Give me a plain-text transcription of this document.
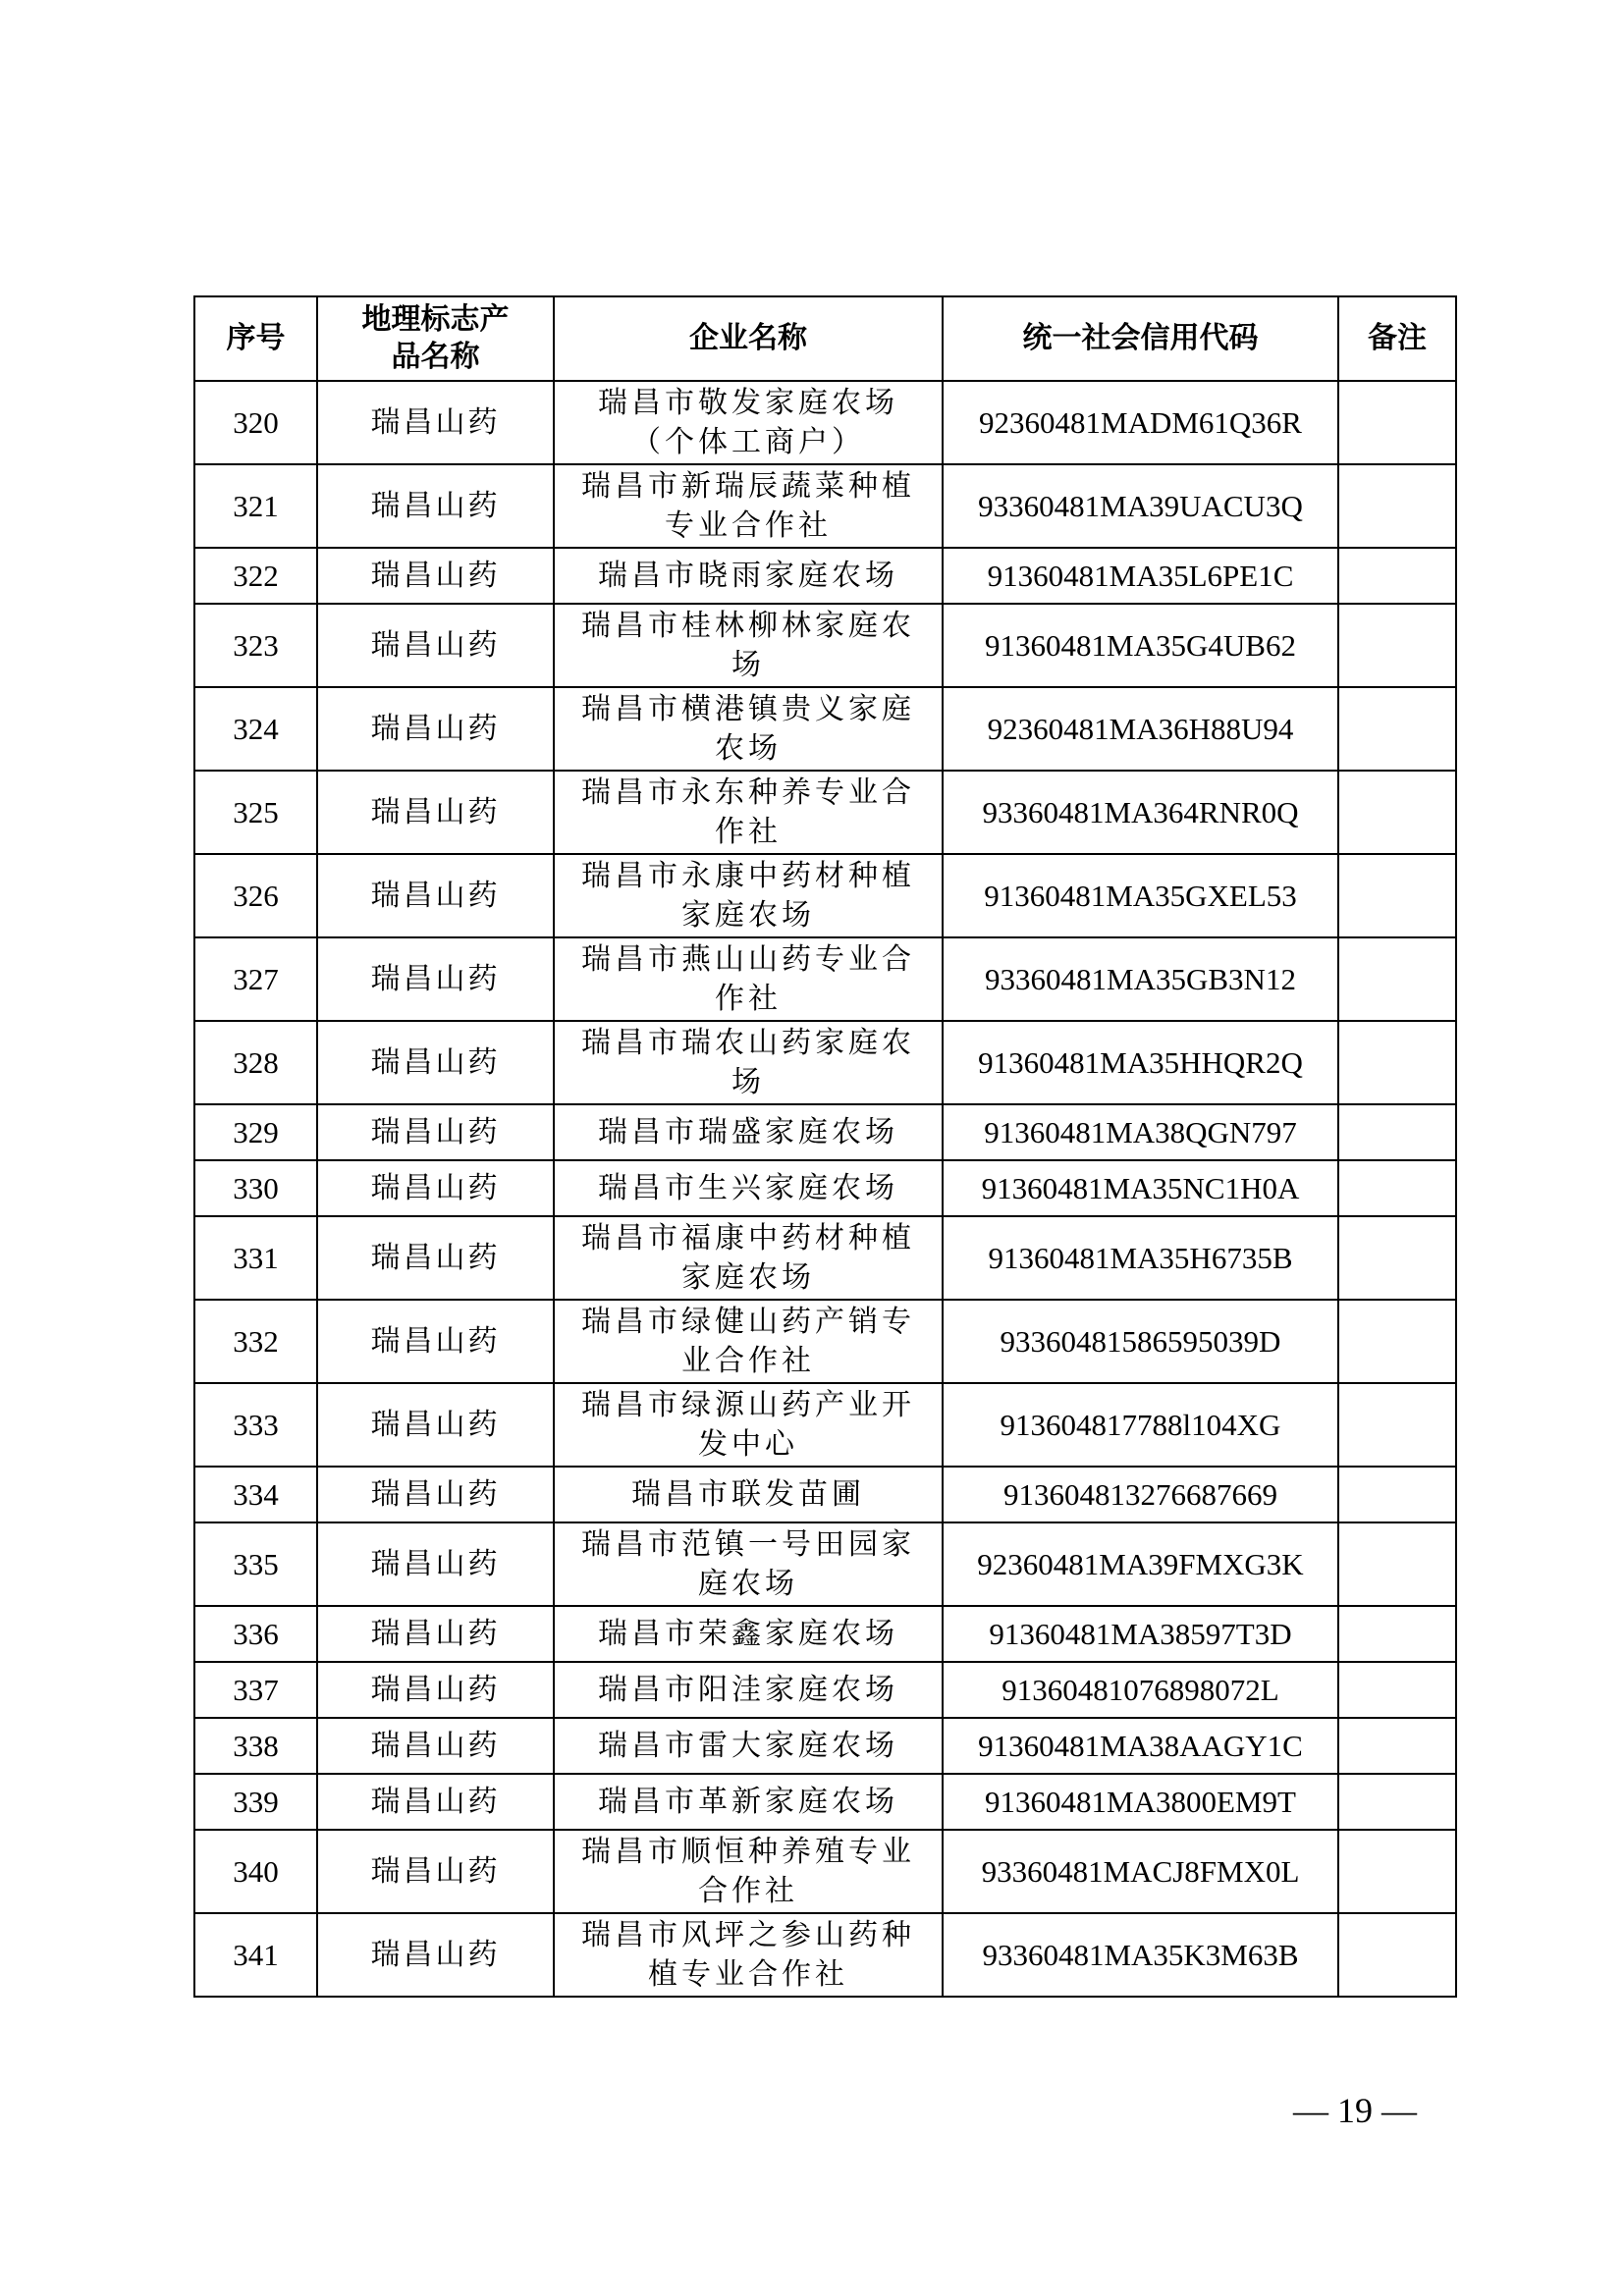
序号	地理标志产品名称	企业名称	统一社会信用代码	备注
320	瑞昌山药	瑞昌市敬发家庭农场（个体工商户）	92360481MADM61Q36R	
321	瑞昌山药	瑞昌市新瑞辰蔬菜种植专业合作社	93360481MA39UACU3Q	
322	瑞昌山药	瑞昌市晓雨家庭农场	91360481MA35L6PE1C	
323	瑞昌山药	瑞昌市桂林柳林家庭农场	91360481MA35G4UB62	
324	瑞昌山药	瑞昌市横港镇贵义家庭农场	92360481MA36H88U94	
325	瑞昌山药	瑞昌市永东种养专业合作社	93360481MA364RNR0Q	
326	瑞昌山药	瑞昌市永康中药材种植家庭农场	91360481MA35GXEL53	
327	瑞昌山药	瑞昌市燕山山药专业合作社	93360481MA35GB3N12	
328	瑞昌山药	瑞昌市瑞农山药家庭农场	91360481MA35HHQR2Q	
329	瑞昌山药	瑞昌市瑞盛家庭农场	91360481MA38QGN797	
330	瑞昌山药	瑞昌市生兴家庭农场	91360481MA35NC1H0A	
331	瑞昌山药	瑞昌市福康中药材种植家庭农场	91360481MA35H6735B	
332	瑞昌山药	瑞昌市绿健山药产销专业合作社	93360481586595039D	
333	瑞昌山药	瑞昌市绿源山药产业开发中心	913604817788l104XG	
334	瑞昌山药	瑞昌市联发苗圃	913604813276687669	
335	瑞昌山药	瑞昌市范镇一号田园家庭农场	92360481MA39FMXG3K	
336	瑞昌山药	瑞昌市荣鑫家庭农场	91360481MA38597T3D	
337	瑞昌山药	瑞昌市阳洼家庭农场	91360481076898072L	
338	瑞昌山药	瑞昌市雷大家庭农场	91360481MA38AAGY1C	
339	瑞昌山药	瑞昌市革新家庭农场	91360481MA3800EM9T	
340	瑞昌山药	瑞昌市顺恒种养殖专业合作社	93360481MACJ8FMX0L	
341	瑞昌山药	瑞昌市风坪之参山药种植专业合作社	93360481MA35K3M63B	
— 19 —
